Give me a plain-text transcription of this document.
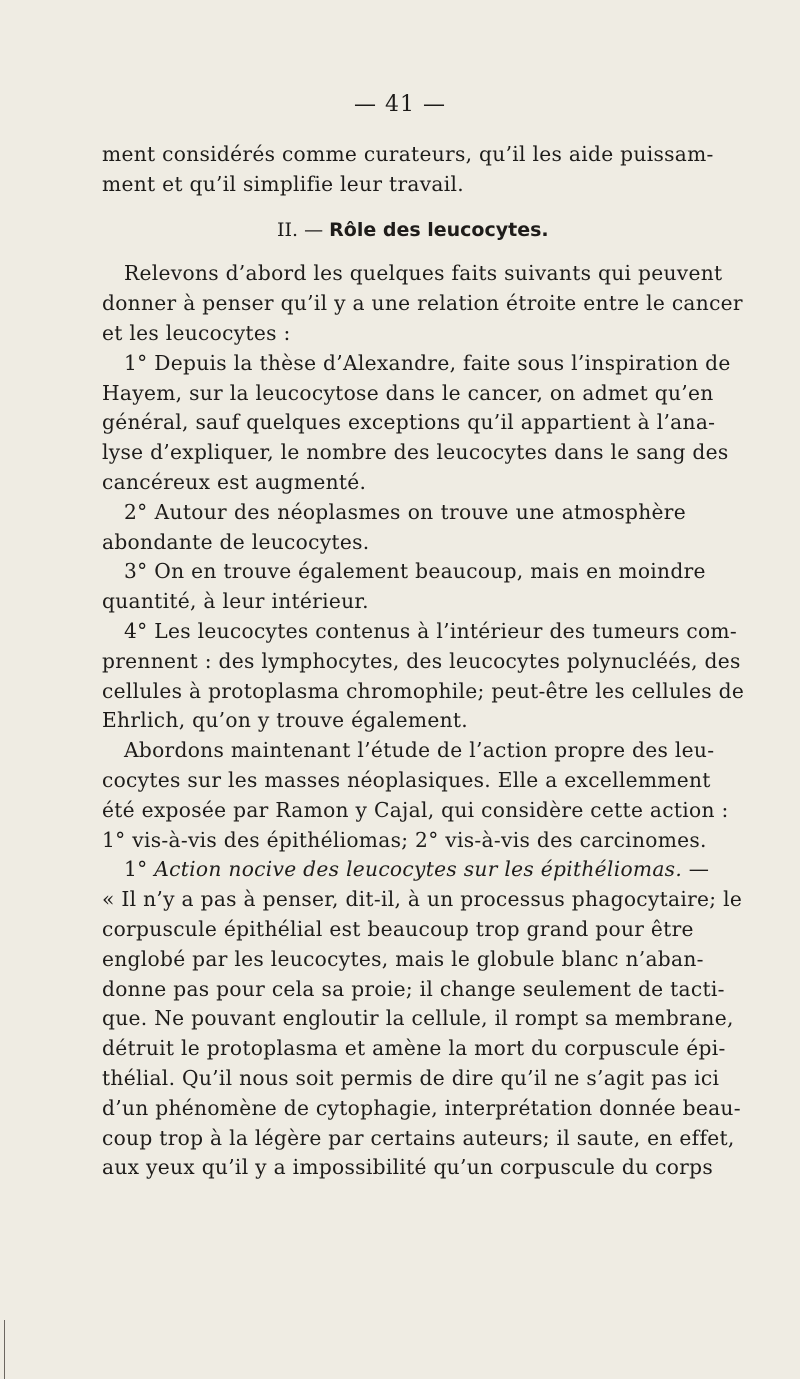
— 41 —
ment considérés comme curateurs, qu’il les aide puissam-
ment et qu’il simplifie leur travail.
II. — Rôle des leucocytes.
Relevons d’abord les quelques faits suivants qui peuvent
donner à penser qu’il y a une relation étroite entre le cancer
et les leucocytes :
1° Depuis la thèse d’Alexandre, faite sous l’inspiration de
Hayem, sur la leucocytose dans le cancer, on admet qu’en
général, sauf quelques exceptions qu’il appartient à l’ana-
lyse d’expliquer, le nombre des leucocytes dans le sang des
cancéreux est augmenté.
2° Autour des néoplasmes on trouve une atmosphère
abondante de leucocytes.
3° On en trouve également beaucoup, mais en moindre
quantité, à leur intérieur.
4° Les leucocytes contenus à l’intérieur des tumeurs com-
prennent : des lymphocytes, des leucocytes polynucléés, des
cellules à protoplasma chromophile; peut-être les cellules de
Ehrlich, qu’on y trouve également.
Abordons maintenant l’étude de l’action propre des leu-
cocytes sur les masses néoplasiques. Elle a excellemment
été exposée par Ramon y Cajal, qui considère cette action :
1° vis-à-vis des épithéliomas; 2° vis-à-vis des carcinomes.
1° Action nocive des leucocytes sur les épithéliomas. —
« Il n’y a pas à penser, dit-il, à un processus phagocytaire; le
corpuscule épithélial est beaucoup trop grand pour être
englobé par les leucocytes, mais le globule blanc n’aban-
donne pas pour cela sa proie; il change seulement de tacti-
que. Ne pouvant engloutir la cellule, il rompt sa membrane,
détruit le protoplasma et amène la mort du corpuscule épi-
thélial. Qu’il nous soit permis de dire qu’il ne s’agit pas ici
d’un phénomène de cytophagie, interprétation donnée beau-
coup trop à la légère par certains auteurs; il saute, en effet,
aux yeux qu’il y a impossibilité qu’un corpuscule du corps
